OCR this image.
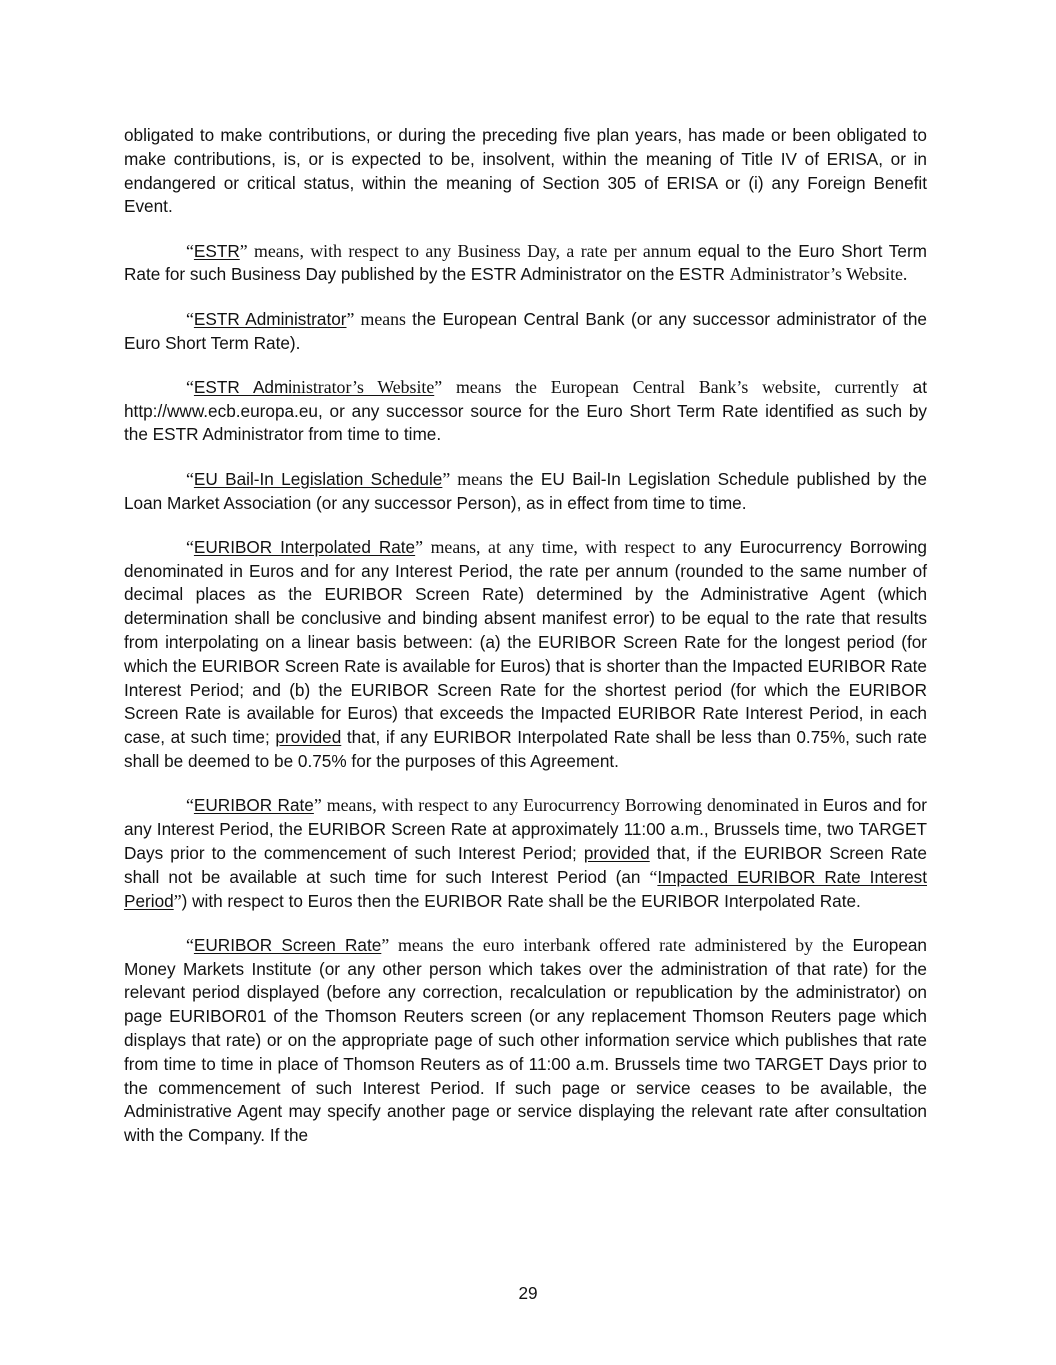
obligated to make contributions, or during the preceding five plan years, has made or been obligated to make contributions, is, or is expected to be, insolvent, within the meaning of Title IV of ERISA, or in endangered or critical status, within the meaning of Section 305 of ERISA or (i) any Foreign Benefit Event.

“ESTR” means, with respect to any Business Day, a rate per annum equal to the Euro Short Term Rate for such Business Day published by the ESTR Administrator on the ESTR Administrator’s Website.

“ESTR Administrator” means the European Central Bank (or any successor administrator of the Euro Short Term Rate).

“ESTR Administrator’s Website” means the European Central Bank’s website, currently at http://www.ecb.europa.eu, or any successor source for the Euro Short Term Rate identified as such by the ESTR Administrator from time to time.

“EU Bail-In Legislation Schedule” means the EU Bail-In Legislation Schedule published by the Loan Market Association (or any successor Person), as in effect from time to time.

“EURIBOR Interpolated Rate” means, at any time, with respect to any Eurocurrency Borrowing denominated in Euros and for any Interest Period, the rate per annum (rounded to the same number of decimal places as the EURIBOR Screen Rate) determined by the Administrative Agent (which determination shall be conclusive and binding absent manifest error) to be equal to the rate that results from interpolating on a linear basis between: (a) the EURIBOR Screen Rate for the longest period (for which the EURIBOR Screen Rate is available for Euros) that is shorter than the Impacted EURIBOR Rate Interest Period; and (b) the EURIBOR Screen Rate for the shortest period (for which the EURIBOR Screen Rate is available for Euros) that exceeds the Impacted EURIBOR Rate Interest Period, in each case, at such time; provided that, if any EURIBOR Interpolated Rate shall be less than 0.75%, such rate shall be deemed to be 0.75% for the purposes of this Agreement.

“EURIBOR Rate” means, with respect to any Eurocurrency Borrowing denominated in Euros and for any Interest Period, the EURIBOR Screen Rate at approximately 11:00 a.m., Brussels time, two TARGET Days prior to the commencement of such Interest Period; provided that, if the EURIBOR Screen Rate shall not be available at such time for such Interest Period (an “Impacted EURIBOR Rate Interest Period”) with respect to Euros then the EURIBOR Rate shall be the EURIBOR Interpolated Rate.

“EURIBOR Screen Rate” means the euro interbank offered rate administered by the European Money Markets Institute (or any other person which takes over the administration of that rate) for the relevant period displayed (before any correction, recalculation or republication by the administrator) on page EURIBOR01 of the Thomson Reuters screen (or any replacement Thomson Reuters page which displays that rate) or on the appropriate page of such other information service which publishes that rate from time to time in place of Thomson Reuters as of 11:00 a.m. Brussels time two TARGET Days prior to the commencement of such Interest Period. If such page or service ceases to be available, the Administrative Agent may specify another page or service displaying the relevant rate after consultation with the Company. If the

29
